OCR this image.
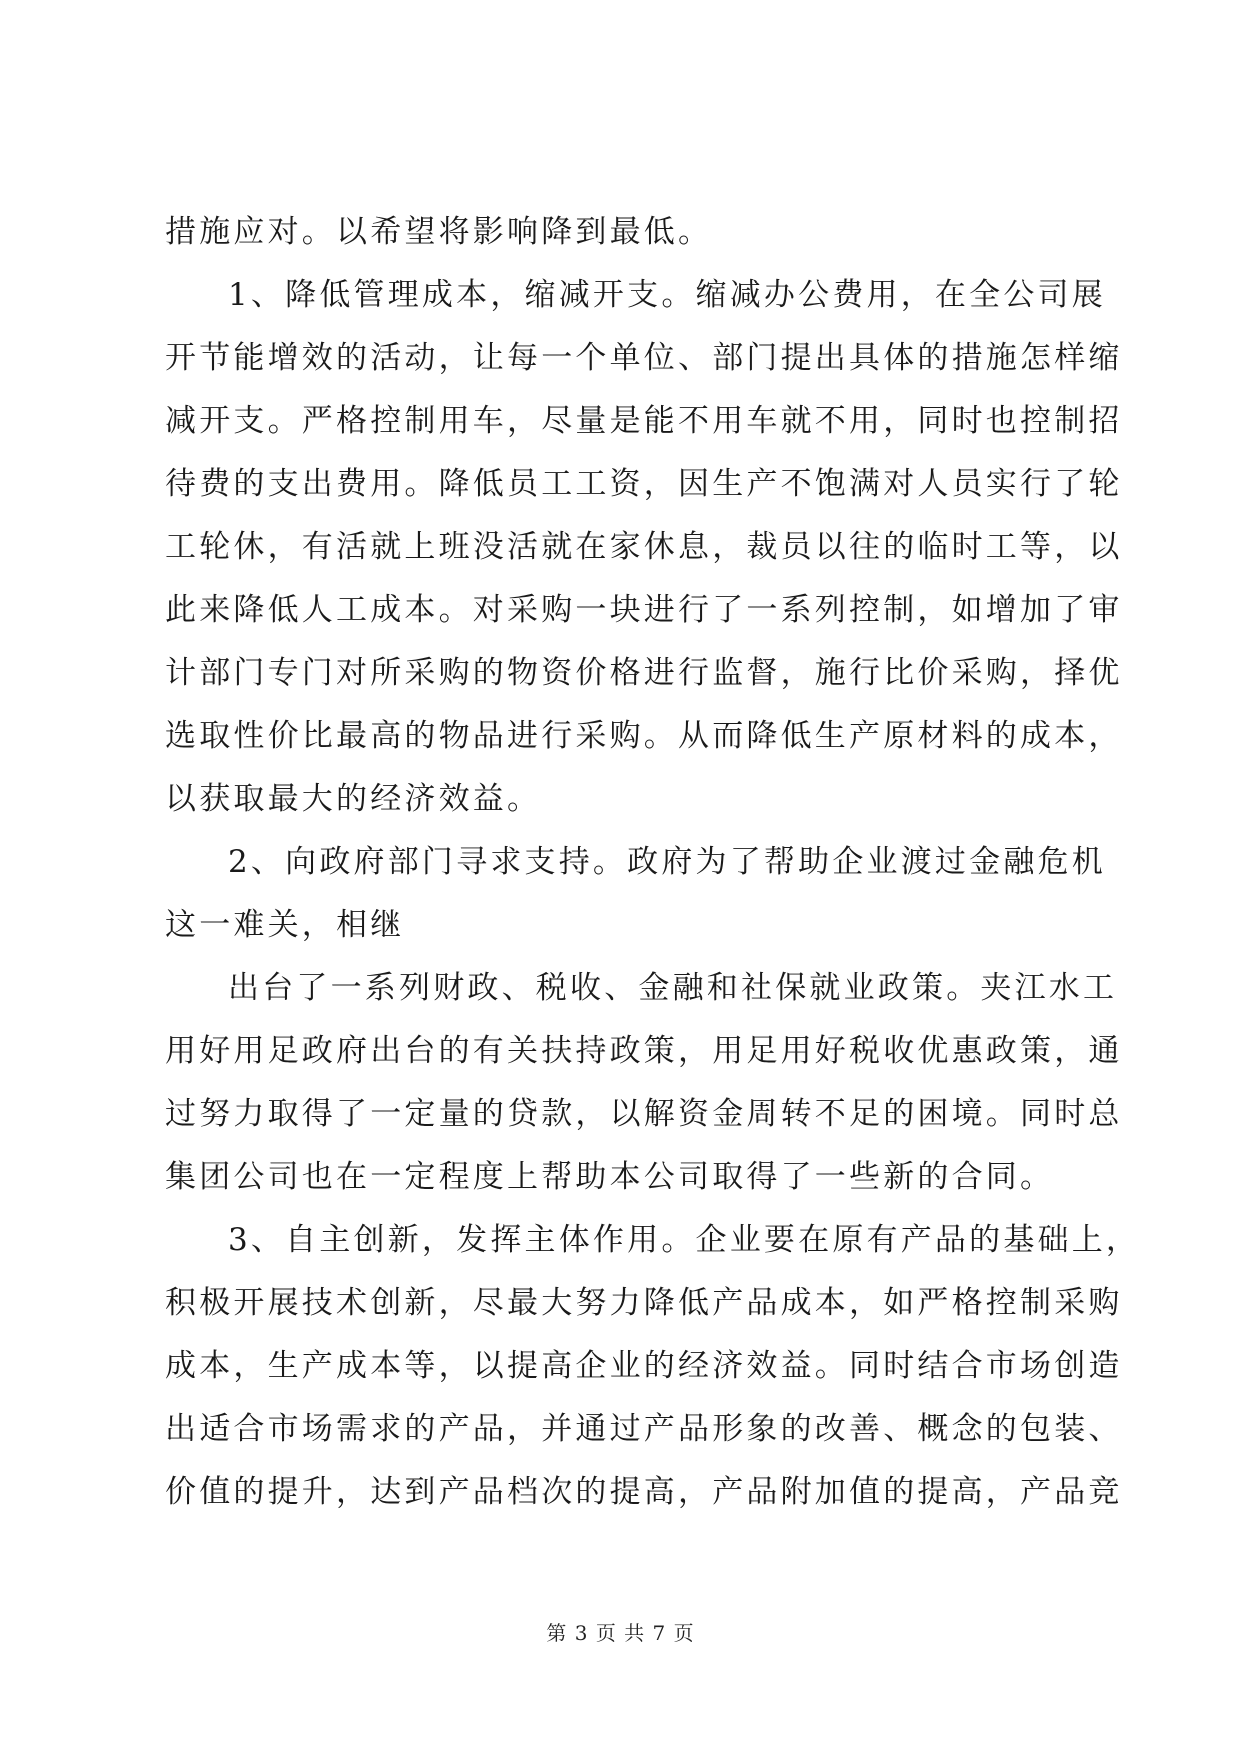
措施应对。以希望将影响降到最低。
1、降低管理成本，缩减开支。缩减办公费用，在全公司展
开节能增效的活动，让每一个单位、部门提出具体的措施怎样缩
减开支。严格控制用车，尽量是能不用车就不用，同时也控制招
待费的支出费用。降低员工工资，因生产不饱满对人员实行了轮
工轮休，有活就上班没活就在家休息，裁员以往的临时工等，以
此来降低人工成本。对采购一块进行了一系列控制，如增加了审
计部门专门对所采购的物资价格进行监督，施行比价采购，择优
选取性价比最高的物品进行采购。从而降低生产原材料的成本，
以获取最大的经济效益。
2、向政府部门寻求支持。政府为了帮助企业渡过金融危机
这一难关，相继
出台了一系列财政、税收、金融和社保就业政策。夹江水工
用好用足政府出台的有关扶持政策，用足用好税收优惠政策，通
过努力取得了一定量的贷款，以解资金周转不足的困境。同时总
集团公司也在一定程度上帮助本公司取得了一些新的合同。
3、自主创新，发挥主体作用。企业要在原有产品的基础上，
积极开展技术创新，尽最大努力降低产品成本，如严格控制采购
成本，生产成本等，以提高企业的经济效益。同时结合市场创造
出适合市场需求的产品，并通过产品形象的改善、概念的包装、
价值的提升，达到产品档次的提高，产品附加值的提高，产品竞
第 3 页 共 7 页
